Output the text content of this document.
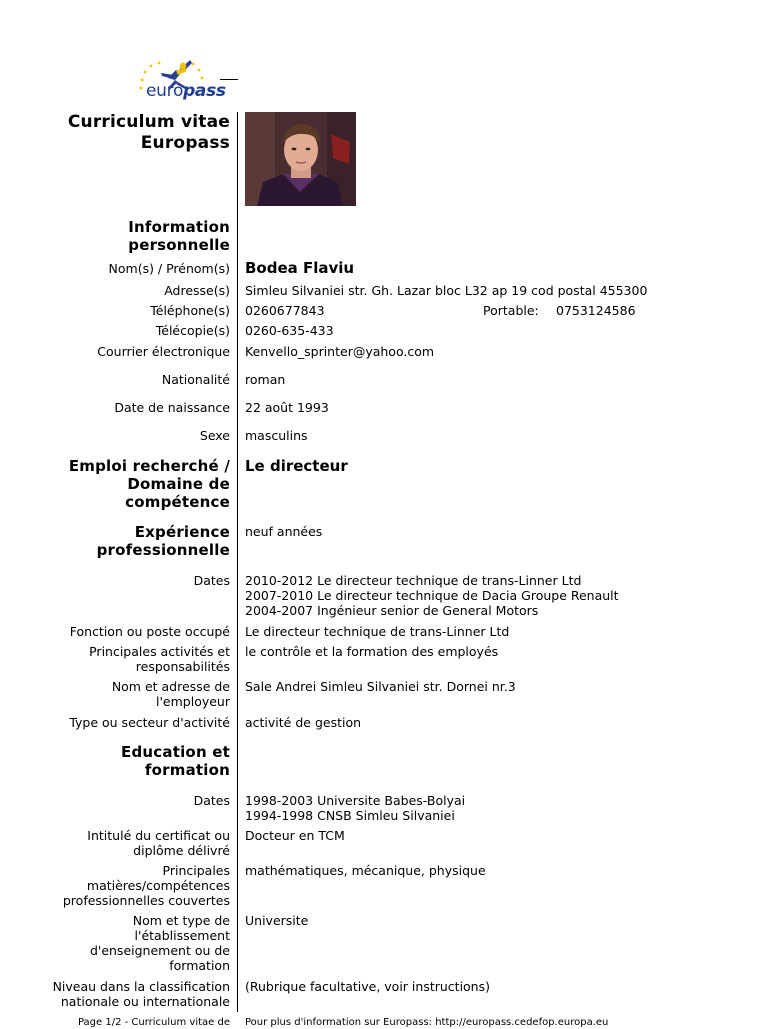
europass
Curriculum vitae
Europass
Information
personnelle
Nom(s) / Prénom(s) Bodea Flaviu
Adresse(s) Simleu Silvaniei str. Gh. Lazar bloc L32 ap 19 cod postal 455300
Téléphone(s) 0260677843	Portable: 0753124586
Télécopie(s) 0260-635-433
Courrier électronique Kenvello_sprinter@yahoo.com
Nationalité roman
Date de naissance 22 août 1993
Sexe masculins
Emploi recherché /
Domaine de
compétence
Le directeur
Expérience
professionnelle
neuf années
Dates 2010-2012 Le directeur technique de trans-Linner Ltd
2007-2010 Le directeur technique de Dacia Groupe Renault
2004-2007 Ingénieur senior de General Motors
Fonction ou poste occupé Le directeur technique de trans-Linner Ltd
Principales activités et
responsabilités
le contrôle et la formation des employés
Nom et adresse de
l'employeur
Sale Andrei Simleu Silvaniei str. Dornei nr.3
Type ou secteur d'activité activité de gestion
Education et
formation
Dates 1998-2003 Universite Babes-Bolyai
1994-1998 CNSB Simleu Silvaniei
Intitulé du certificat ou
diplôme délivré
Docteur en TCM
Principales
matières/compétences
professionnelles couvertes
mathématiques, mécanique, physique
Nom et type de
l'établissement
d'enseignement ou de
formation
Universite
Niveau dans la classification
nationale ou internationale
(Rubrique facultative, voir instructions)
Page 1/2 - Curriculum vitae de Pour plus d'information sur Europass: http://europass.cedefop.europa.eu
